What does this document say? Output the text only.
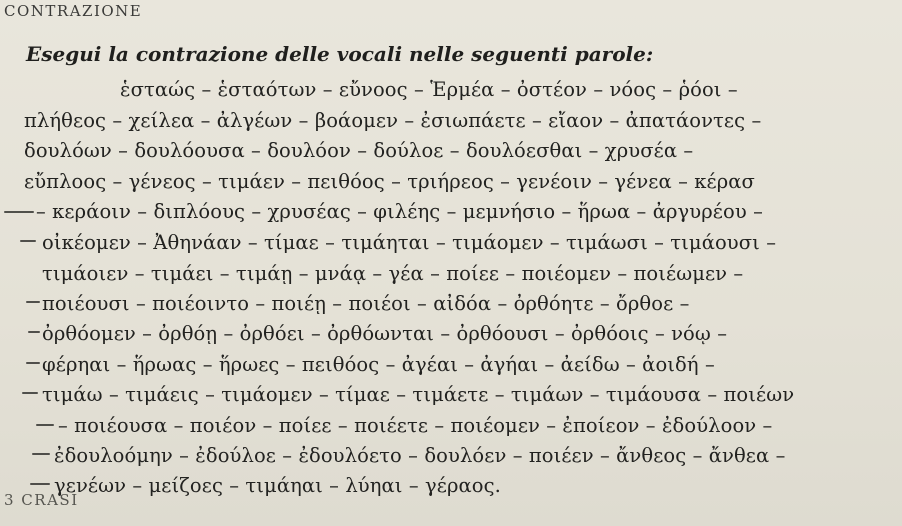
CONTRAZIONE
Esegui la contrazione delle vocali nelle seguenti parole:
ἑσταώς – ἑσταότων – εὔνοος – Ἑρμέα – ὀστέον – νόος – ῥόοι –
πλήθεος – χείλεα – ἀλγέων – βοάομεν – ἐσιωπάετε – εἴαον – ἀπατάοντες –
δουλόων – δουλόουσα – δουλόον – δούλοε – δουλόεσθαι – χρυσέα –
εὔπλοος – γένεος – τιμάεν – πειθόος – τριήρεος – γενέοιν – γένεα – κέρασ
– κεράοιν – διπλόους – χρυσέας – φιλέης – μεμνήσιο – ἥρωα – ἀργυρέου –
οἰκέομεν – Ἀθηνάαν – τίμαε – τιμάηται – τιμάομεν – τιμάωσι – τιμάουσι –
τιμάοιεν – τιμάει – τιμάῃ – μνάᾳ – γέα – ποίεε – ποιέομεν – ποιέωμεν –
ποιέουσι – ποιέοιντο – ποιέῃ – ποιέοι – αἰδόα – ὀρθόητε – ὄρθοε –
ὀρθόομεν – ὀρθόῃ – ὀρθόει – ὀρθόωνται – ὀρθόουσι – ὀρθόοις – νόῳ –
φέρηαι – ἥρωας – ἥρωες – πειθόος – ἀγέαι – ἀγήαι – ἀείδω – ἀοιδή –
τιμάω – τιμάεις – τιμάομεν – τίμαε – τιμάετε – τιμάων – τιμάουσα – ποιέων
– ποιέουσα – ποιέον – ποίεε – ποιέετε – ποιέομεν – ἐποίεον – ἐδούλοον –
ἐδουλοόμην – ἐδούλοε – ἐδουλόετο – δουλόεν – ποιέεν – ἄνθεος – ἄνθεα –
γενέων – μείζοες – τιμάηαι – λύηαι – γέραος.
3 CRASI
